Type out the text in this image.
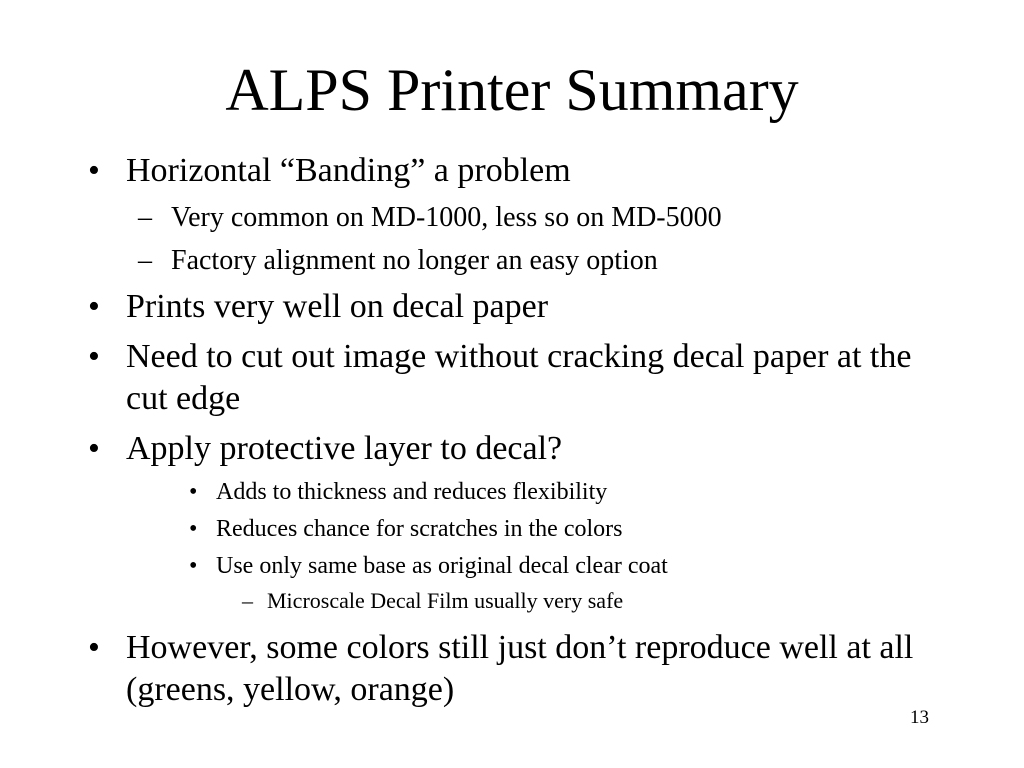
ALPS Printer Summary
• Horizontal “Banding” a problem
– Very common on MD-1000, less so on MD-5000
– Factory alignment no longer an easy option
• Prints very well on decal paper
• Need to cut out image without cracking decal paper at the cut edge
• Apply protective layer to decal?
• Adds to thickness and reduces flexibility
• Reduces chance for scratches in the colors
• Use only same base as original decal clear coat
– Microscale Decal Film usually very safe
• However, some colors still just don’t reproduce well at all (greens, yellow, orange)
13
